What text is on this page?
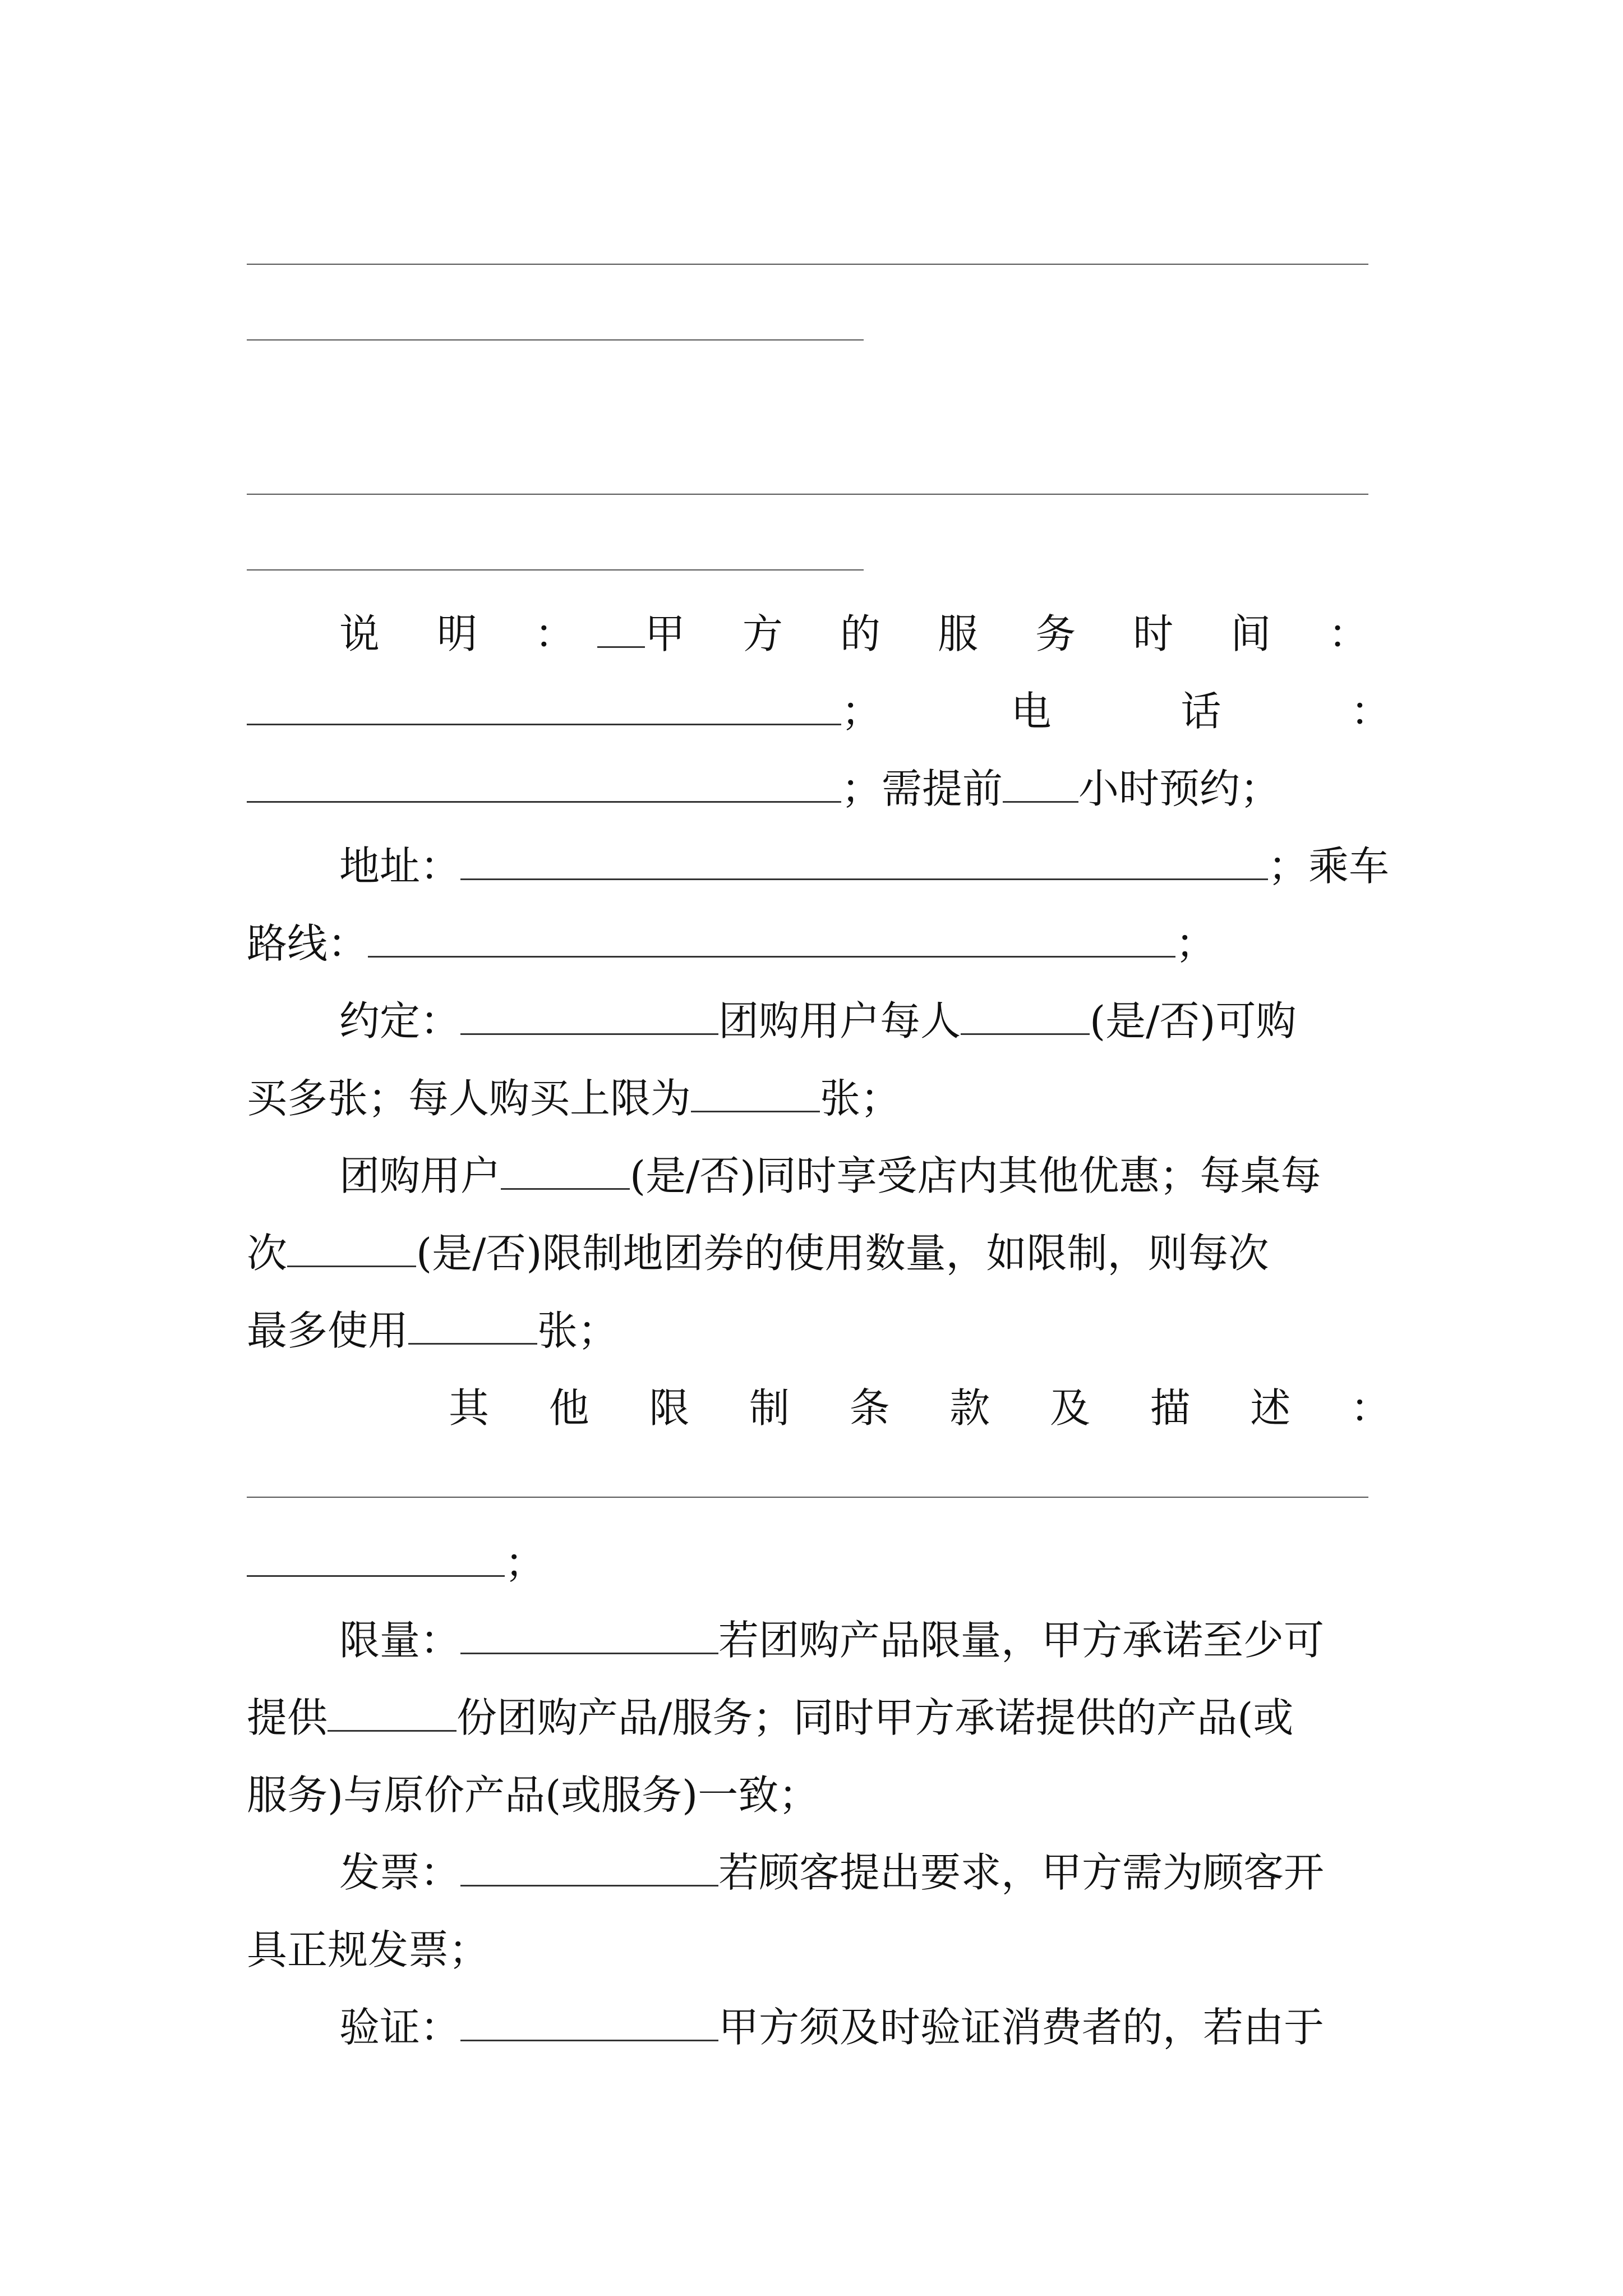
说 明 ： 甲 方 的 服 务 时 间 ：
；	电	话	：
；需提前 小时预约；
地址：	；乘车
路线：	；
约定：	团购用户每人	(是/否)可购
买多张；每人购买上限为	张；
团购用户	(是/否)同时享受店内其他优惠；每桌每
次	(是/否)限制地团券的使用数量，如限制，则每次
最多使用	张；
其 他 限 制 条 款 及 描 述 ：
；
限量：	若团购产品限量，甲方承诺至少可
提供	份团购产品/服务；同时甲方承诺提供的产品(或
服务)与原价产品(或服务)一致；
发票：	若顾客提出要求，甲方需为顾客开
具正规发票；
验证：	甲方须及时验证消费者的，若由于
